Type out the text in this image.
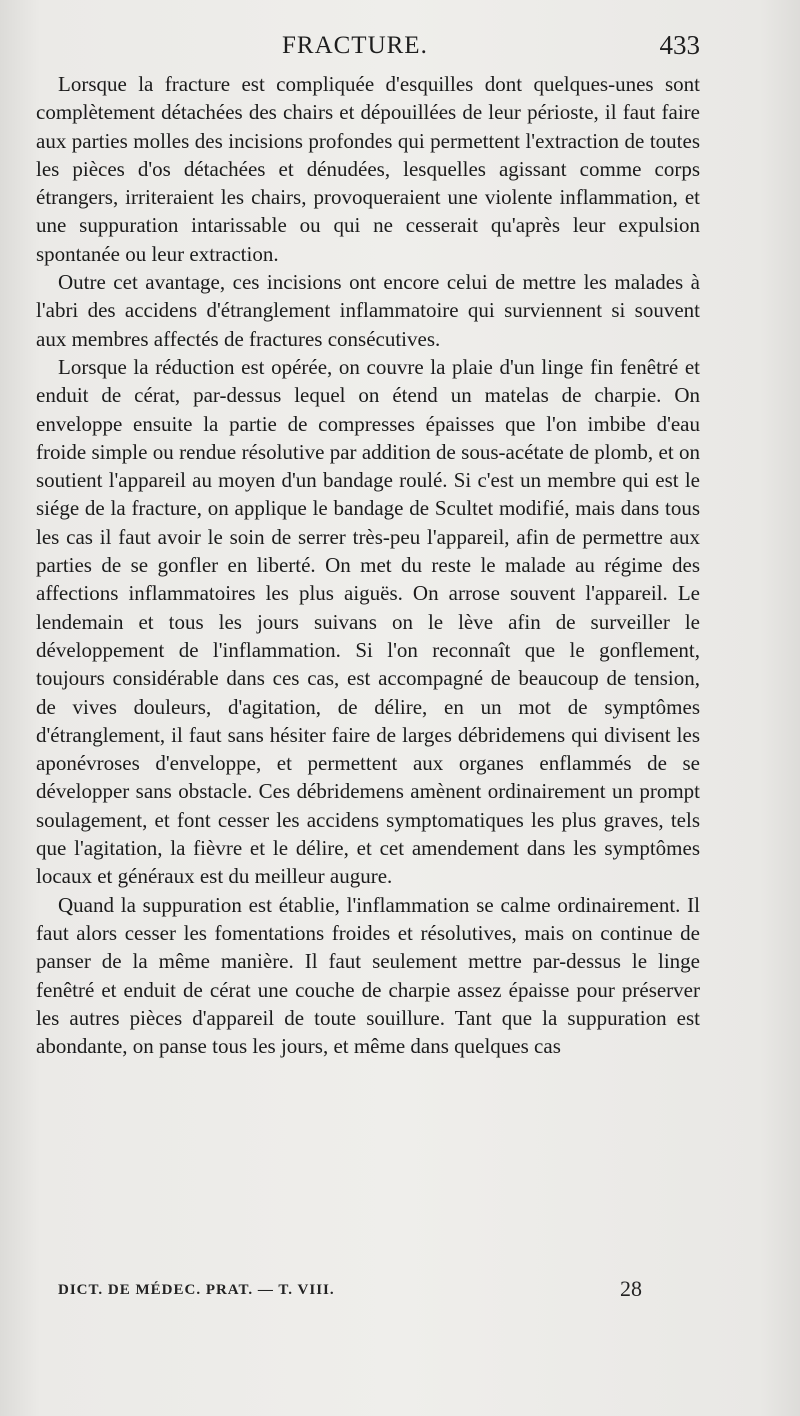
FRACTURE.	433

Lorsque la fracture est compliquée d'esquilles dont quelques-unes sont complètement détachées des chairs et dépouillées de leur périoste, il faut faire aux parties molles des incisions profondes qui permettent l'extraction de toutes les pièces d'os détachées et dénudées, lesquelles agissant comme corps étrangers, irriteraient les chairs, provoqueraient une violente inflammation, et une suppuration intarissable ou qui ne cesserait qu'après leur expulsion spontanée ou leur extraction.

Outre cet avantage, ces incisions ont encore celui de mettre les malades à l'abri des accidens d'étranglement inflammatoire qui surviennent si souvent aux membres affectés de fractures consécutives.

Lorsque la réduction est opérée, on couvre la plaie d'un linge fin fenêtré et enduit de cérat, par-dessus lequel on étend un matelas de charpie. On enveloppe ensuite la partie de compresses épaisses que l'on imbibe d'eau froide simple ou rendue résolutive par addition de sous-acétate de plomb, et on soutient l'appareil au moyen d'un bandage roulé. Si c'est un membre qui est le siége de la fracture, on applique le bandage de Scultet modifié, mais dans tous les cas il faut avoir le soin de serrer très-peu l'appareil, afin de permettre aux parties de se gonfler en liberté. On met du reste le malade au régime des affections inflammatoires les plus aiguës. On arrose souvent l'appareil. Le lendemain et tous les jours suivans on le lève afin de surveiller le développement de l'inflammation. Si l'on reconnaît que le gonflement, toujours considérable dans ces cas, est accompagné de beaucoup de tension, de vives douleurs, d'agitation, de délire, en un mot de symptômes d'étranglement, il faut sans hésiter faire de larges débridemens qui divisent les aponévroses d'enveloppe, et permettent aux organes enflammés de se développer sans obstacle. Ces débridemens amènent ordinairement un prompt soulagement, et font cesser les accidens symptomatiques les plus graves, tels que l'agitation, la fièvre et le délire, et cet amendement dans les symptômes locaux et généraux est du meilleur augure.

Quand la suppuration est établie, l'inflammation se calme ordinairement. Il faut alors cesser les fomentations froides et résolutives, mais on continue de panser de la même manière. Il faut seulement mettre par-dessus le linge fenêtré et enduit de cérat une couche de charpie assez épaisse pour préserver les autres pièces d'appareil de toute souillure. Tant que la suppuration est abondante, on panse tous les jours, et même dans quelques cas

DICT. DE MÉDEC. PRAT. — T. VIII.	28
